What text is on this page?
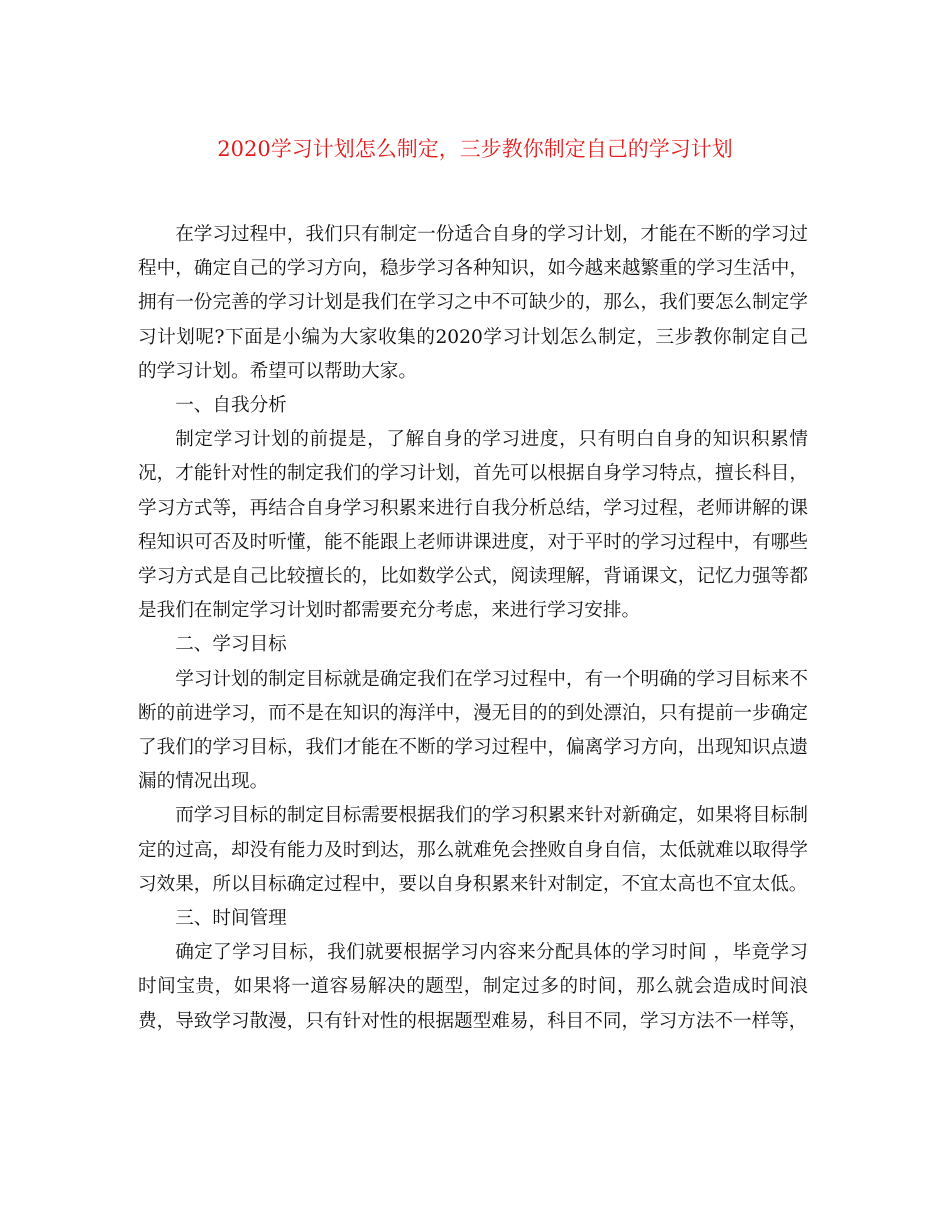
2020学习计划怎么制定，三步教你制定自己的学习计划

在学习过程中，我们只有制定一份适合自身的学习计划，才能在不断的学习过程中，确定自己的学习方向，稳步学习各种知识，如今越来越繁重的学习生活中，拥有一份完善的学习计划是我们在学习之中不可缺少的，那么，我们要怎么制定学习计划呢?下面是小编为大家收集的2020学习计划怎么制定，三步教你制定自己的学习计划。希望可以帮助大家。

一、自我分析

制定学习计划的前提是，了解自身的学习进度，只有明白自身的知识积累情况，才能针对性的制定我们的学习计划，首先可以根据自身学习特点，擅长科目，学习方式等，再结合自身学习积累来进行自我分析总结，学习过程，老师讲解的课程知识可否及时听懂，能不能跟上老师讲课进度，对于平时的学习过程中，有哪些学习方式是自己比较擅长的，比如数学公式，阅读理解，背诵课文，记忆力强等都是我们在制定学习计划时都需要充分考虑，来进行学习安排。

二、学习目标

学习计划的制定目标就是确定我们在学习过程中，有一个明确的学习目标来不断的前进学习，而不是在知识的海洋中，漫无目的的到处漂泊，只有提前一步确定了我们的学习目标，我们才能在不断的学习过程中，偏离学习方向，出现知识点遗漏的情况出现。

而学习目标的制定目标需要根据我们的学习积累来针对新确定，如果将目标制定的过高，却没有能力及时到达，那么就难免会挫败自身自信，太低就难以取得学习效果，所以目标确定过程中，要以自身积累来针对制定，不宜太高也不宜太低。

三、时间管理

确定了学习目标，我们就要根据学习内容来分配具体的学习时间 ，毕竟学习时间宝贵，如果将一道容易解决的题型，制定过多的时间，那么就会造成时间浪费，导致学习散漫，只有针对性的根据题型难易，科目不同，学习方法不一样等，
